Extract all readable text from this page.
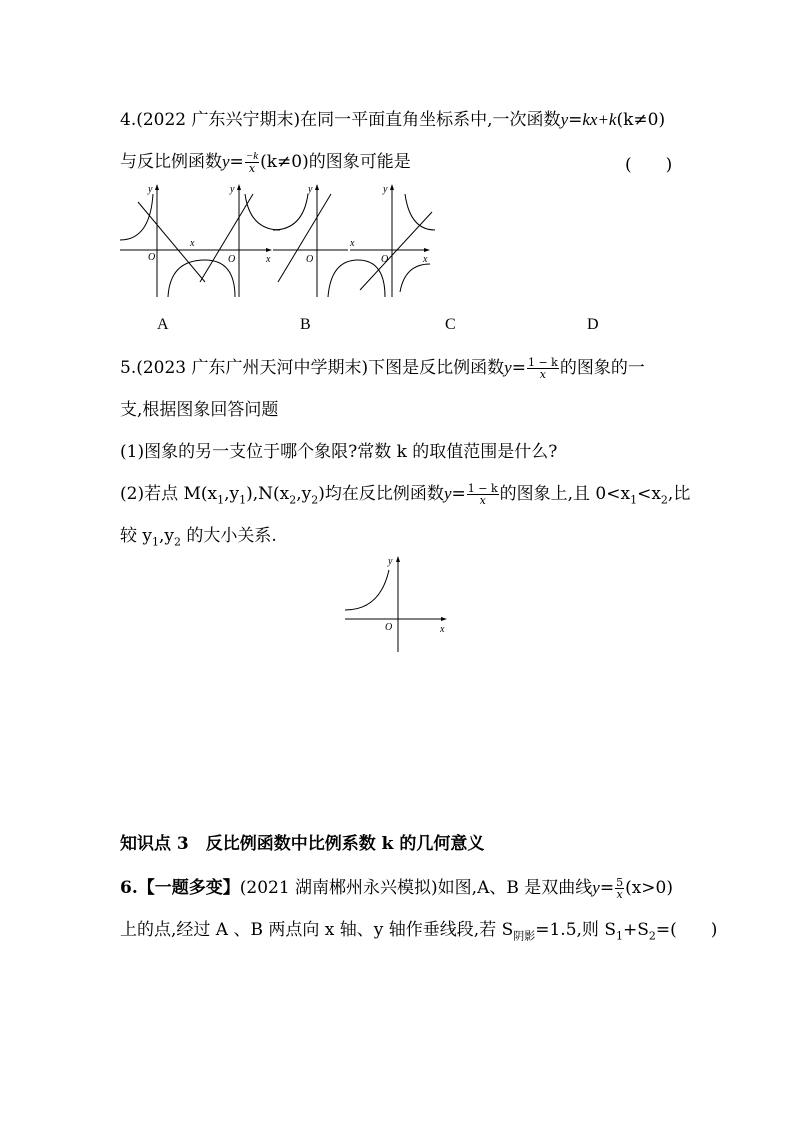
4.(2022 广东兴宁期末)在同一平面直角坐标系中,一次函数y=kx+k(k≠0)
与反比例函数$y= \frac{-k}{x} (k\ne 0)$的图象可能是	(　　)
y
x
O
y
x
O
y
x
O
y
x
O
A	B	C	D
5.(2023 广东广州天河中学期末)下图是反比例函数$y= \frac{1 - k}{x}$ 的图象的一
支,根据图象回答问题
(1)图象的另一支位于哪个象限?常数 k 的取值范围是什么?
(2)若点 $M(x_1,y_1),N(x_2,y_2)$均在反比例函数$y= \frac{1 - k}{x}$ 的图象上,且 $0<x_1<x_2$,比
较 $y_1,y_2$ 的大小关系.
y
x
O
知识点 3　反比例函数中比例系数 k 的几何意义
6.【一题多变】(2021 湖南郴州永兴模拟)如图,A、B 是双曲线$y= \frac{5}{x} (x>0)$
上的点,经过 A 、B 两点向 x 轴、y 轴作垂线段,若 $S_{阴影}=1.5$,则 $S_1+S_2=$(　　)
